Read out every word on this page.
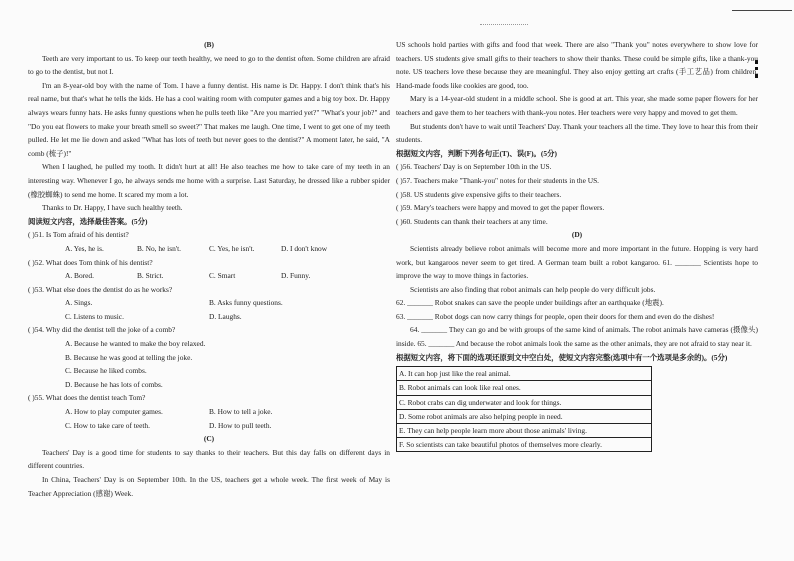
(B)

Teeth are very important to us. To keep our teeth healthy, we need to go to the dentist often. Some children are afraid to go to the dentist, but not I.

I'm an 8-year-old boy with the name of Tom. I have a funny dentist. His name is Dr. Happy. I don't think that's his real name, but that's what he tells the kids. He has a cool waiting room with computer games and a big toy box. Dr. Happy always wears funny hats. He asks funny questions when he pulls teeth like "Are you married yet?" "What's your job?" and "Do you eat flowers to make your breath smell so sweet?" That makes me laugh. One time, I went to get one of my teeth pulled. He let me lie down and asked "What has lots of teeth but never goes to the dentist?" A moment later, he said, "A comb (梳子)!"

When I laughed, he pulled my tooth. It didn't hurt at all! He also teaches me how to take care of my teeth in an interesting way. Whenever I go, he always sends me home with a surprise. Last Saturday, he dressed like a rubber spider (橡胶蜘蛛) to send me home. It scared my mom a lot.

Thanks to Dr. Happy, I have such healthy teeth.

阅读短文内容，选择最佳答案。(5分)
( )51. Is Tom afraid of his dentist?
A. Yes, he is.	B. No, he isn't.	C. Yes, he isn't.	D. I don't know
( )52. What does Tom think of his dentist?
A. Bored.	B. Strict.	C. Smart	D. Funny.
( )53. What else does the dentist do as he works?
A. Sings.	B. Asks funny questions.
C. Listens to music.	D. Laughs.
( )54. Why did the dentist tell the joke of a comb?
A. Because he wanted to make the boy relaxed.
B. Because he was good at telling the joke.
C. Because he liked combs.
D. Because he has lots of combs.
( )55. What does the dentist teach Tom?
A. How to play computer games.	B. How to tell a joke.
C. How to take care of teeth.	D. How to pull teeth.
(C)

Teachers' Day is a good time for students to say thanks to their teachers. But this day falls on different days in different countries.

In China, Teachers' Day is on September 10th. In the US, teachers get a whole week. The first week of May is Teacher Appreciation (感谢) Week.

US schools hold parties with gifts and food that week. There are also "Thank you" notes everywhere to show love for teachers. US students give small gifts to their teachers to show their thanks. These could be simple gifts, like a thank-you note. US teachers love these because they are meaningful. They also enjoy getting art crafts (手工艺品) from children. Hand-made foods like cookies are good, too.

Mary is a 14-year-old student in a middle school. She is good at art. This year, she made some paper flowers for her teachers and gave them to her teachers with thank-you notes. Her teachers were very happy and moved to get them.

But students don't have to wait until Teachers' Day. Thank your teachers all the time. They love to hear this from their students.

根据短文内容，判断下列各句正(T)、误(F)。(5分)
( )56. Teachers' Day is on September 10th in the US.
( )57. Teachers make "Thank-you" notes for their students in the US.
( )58. US students give expensive gifts to their teachers.
( )59. Mary's teachers were happy and moved to get the paper flowers.
( )60. Students can thank their teachers at any time.
(D)

Scientists already believe robot animals will become more and more important in the future. Hopping is very hard work, but kangaroos never seem to get tired. A German team built a robot kangaroo. 61. _______ Scientists hope to improve the way to move things in factories.

Scientists are also finding that robot animals can help people do very difficult jobs.

62. _______ Robot snakes can save the people under buildings after an earthquake (地震).

63. _______ Robot dogs can now carry things for people, open their doors for them and even do the dishes!

64. _______ They can go and be with groups of the same kind of animals. The robot animals have cameras (摄像头) inside. 65. _______ And because the robot animals look the same as the other animals, they are not afraid to stay near it.

根据短文内容，将下面的选项还原到文中空白处，使短文内容完整(选项中有一个选项是多余的)。(5分)
A. It can hop just like the real animal.
B. Robot animals can look like real ones.
C. Robot crabs can dig underwater and look for things.
D. Some robot animals are also helping people in need.
E. They can help people learn more about those animals' living.
F. So scientists can take beautiful photos of themselves more clearly.
